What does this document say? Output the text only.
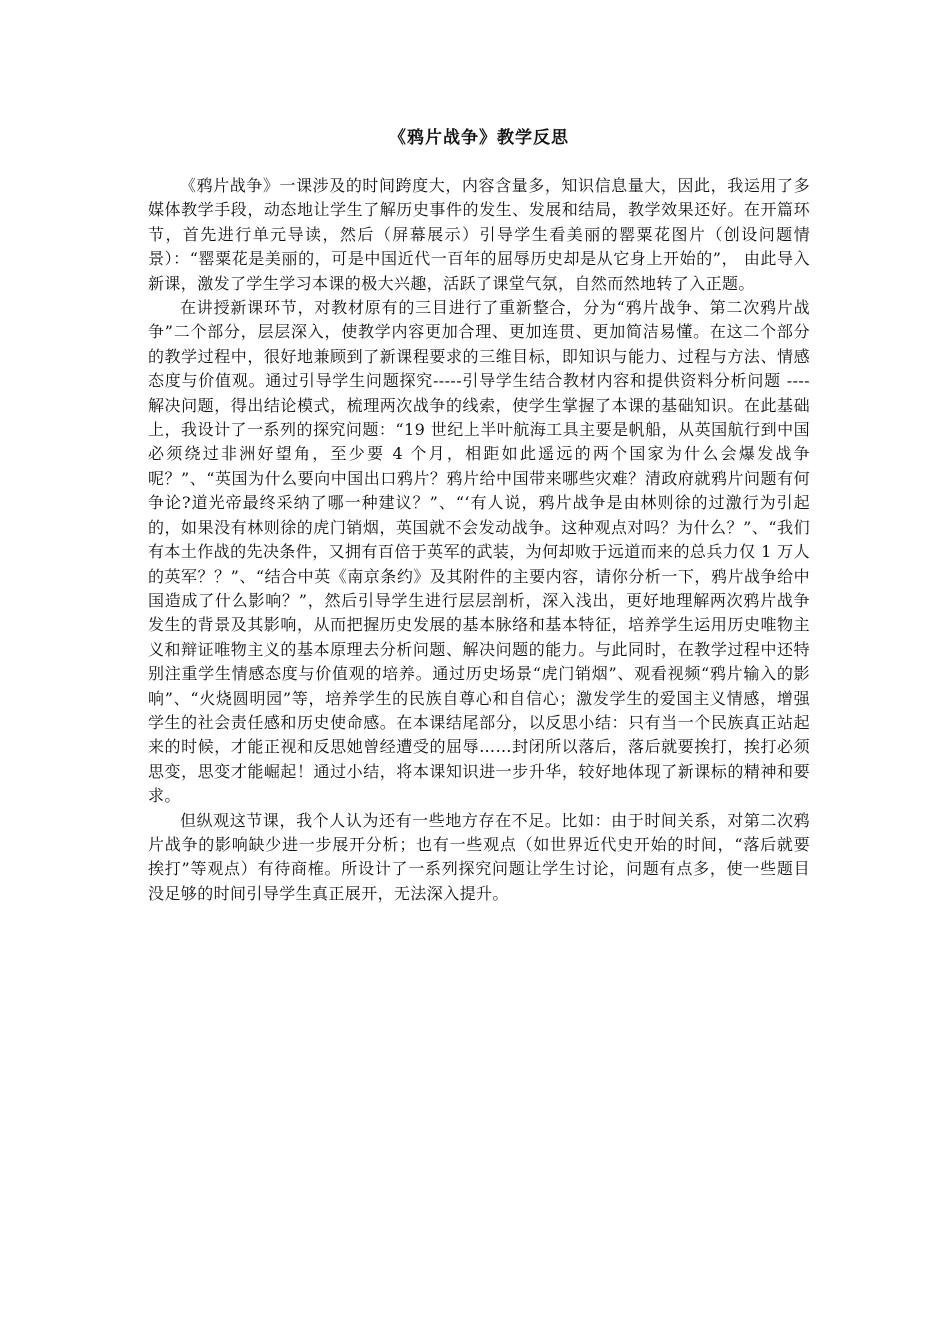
《鸦片战争》教学反思

《鸦片战争》一课涉及的时间跨度大，内容含量多，知识信息量大，因此，我运用了多媒体教学手段，动态地让学生了解历史事件的发生、发展和结局，教学效果还好。在开篇环节，首先进行单元导读，然后（屏幕展示）引导学生看美丽的罂粟花图片（创设问题情景）：“罂粟花是美丽的，可是中国近代一百年的屈辱历史却是从它身上开始的”， 由此导入新课，激发了学生学习本课的极大兴趣，活跃了课堂气氛，自然而然地转了入正题。

在讲授新课环节，对教材原有的三目进行了重新整合，分为“鸦片战争、第二次鸦片战争”二个部分，层层深入，使教学内容更加合理、更加连贯、更加简洁易懂。在这二个部分的教学过程中，很好地兼顾到了新课程要求的三维目标，即知识与能力、过程与方法、情感态度与价值观。通过引导学生问题探究-----引导学生结合教材内容和提供资料分析问题 ----解决问题，得出结论模式，梳理两次战争的线索，使学生掌握了本课的基础知识。在此基础上，我设计了一系列的探究问题：“19 世纪上半叶航海工具主要是帆船，从英国航行到中国必须绕过非洲好望角，至少要 4 个月，相距如此遥远的两个国家为什么会爆发战争呢？”、“英国为什么要向中国出口鸦片？鸦片给中国带来哪些灾难？清政府就鸦片问题有何争论?道光帝最终采纳了哪一种建议？”、“‘有人说，鸦片战争是由林则徐的过激行为引起的，如果没有林则徐的虎门销烟，英国就不会发动战争。这种观点对吗？为什么？”、“我们有本土作战的先决条件，又拥有百倍于英军的武装，为何却败于远道而来的总兵力仅 1 万人的英军？？”、“结合中英《南京条约》及其附件的主要内容，请你分析一下，鸦片战争给中国造成了什么影响？”，然后引导学生进行层层剖析，深入浅出，更好地理解两次鸦片战争发生的背景及其影响，从而把握历史发展的基本脉络和基本特征，培养学生运用历史唯物主义和辩证唯物主义的基本原理去分析问题、解决问题的能力。与此同时，在教学过程中还特别注重学生情感态度与价值观的培养。通过历史场景“虎门销烟”、观看视频“鸦片输入的影响”、“火烧圆明园”等，培养学生的民族自尊心和自信心；激发学生的爱国主义情感，增强学生的社会责任感和历史使命感。在本课结尾部分，以反思小结：只有当一个民族真正站起来的时候，才能正视和反思她曾经遭受的屈辱……封闭所以落后，落后就要挨打，挨打必须思变，思变才能崛起！通过小结，将本课知识进一步升华，较好地体现了新课标的精神和要求。

但纵观这节课，我个人认为还有一些地方存在不足。比如：由于时间关系，对第二次鸦片战争的影响缺少进一步展开分析；也有一些观点（如世界近代史开始的时间，“落后就要挨打”等观点）有待商榷。所设计了一系列探究问题让学生讨论，问题有点多，使一些题目没足够的时间引导学生真正展开，无法深入提升。
